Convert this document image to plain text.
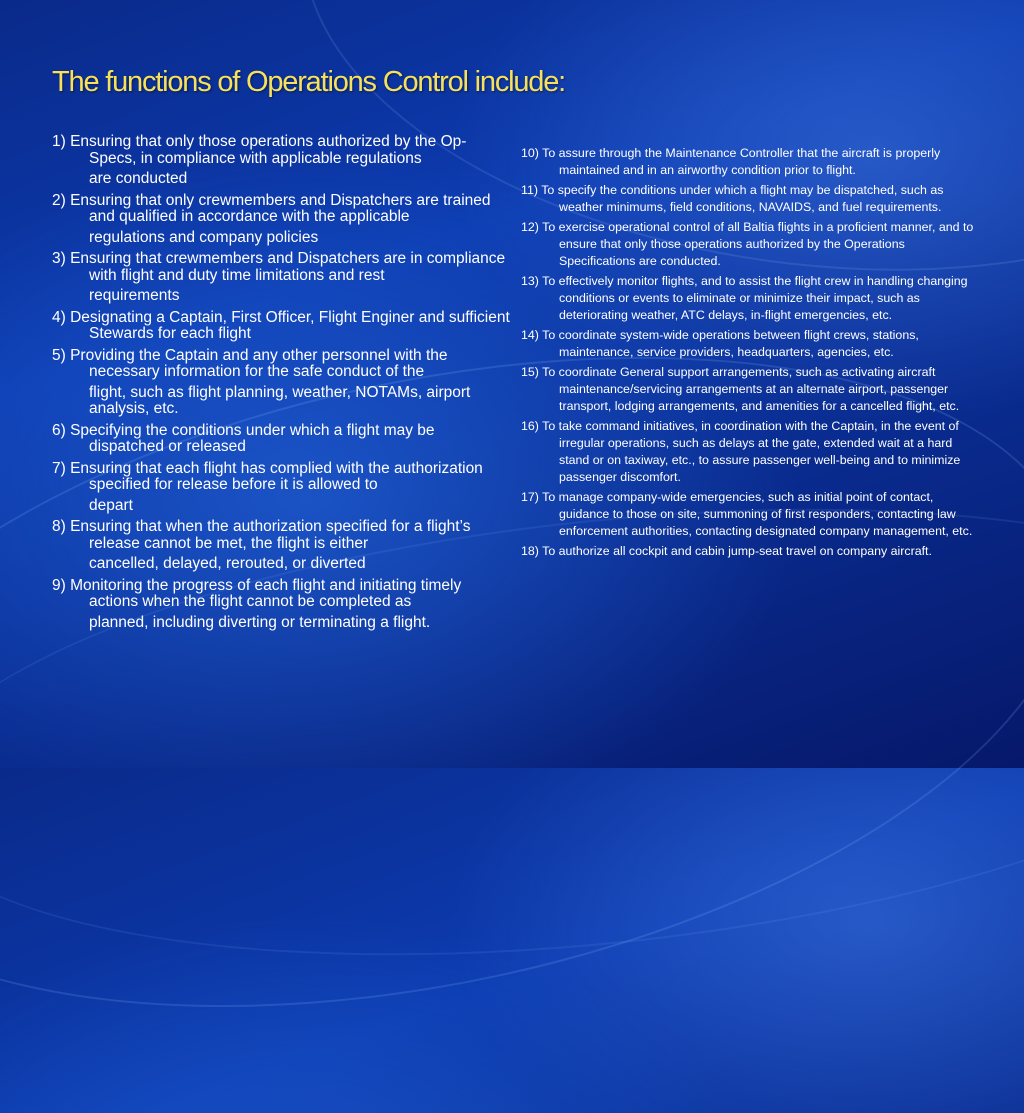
The functions of Operations Control include:
1) Ensuring that only those operations authorized by the Op-Specs, in compliance with applicable regulations
are conducted
2) Ensuring that only crewmembers and Dispatchers are trained and qualified in accordance with the applicable
regulations and company policies
3) Ensuring that crewmembers and Dispatchers are in compliance with flight and duty time limitations and rest
requirements
4) Designating a Captain, First Officer, Flight Enginer and sufficient Stewards for each flight
5) Providing the Captain and any other personnel with the necessary information for the safe conduct of the
flight, such as flight planning, weather, NOTAMs, airport analysis, etc.
6) Specifying the conditions under which a flight may be dispatched or released
7) Ensuring that each flight has complied with the authorization specified for release before it is allowed to
depart
8) Ensuring that when the authorization specified for a flight’s release cannot be met, the flight is either
cancelled, delayed, rerouted, or diverted
9) Monitoring the progress of each flight and initiating timely actions when the flight cannot be completed as
planned, including diverting or terminating a flight.
10) To assure through the Maintenance Controller that the aircraft is properly maintained and in an airworthy condition prior to flight.
11) To specify the conditions under which a flight may be dispatched, such as weather minimums, field conditions, NAVAIDS, and fuel requirements.
12) To exercise operational control of all Baltia flights in a proficient manner, and to ensure that only those operations authorized by the Operations Specifications are conducted.
13) To effectively monitor flights, and to assist the flight crew in handling changing conditions or events to eliminate or minimize their impact, such as deteriorating weather, ATC delays, in-flight emergencies, etc.
14) To coordinate system-wide operations between flight crews, stations, maintenance, service providers, headquarters, agencies, etc.
15) To coordinate General support arrangements, such as activating aircraft maintenance/servicing arrangements at an alternate airport, passenger transport, lodging arrangements, and amenities for a cancelled flight, etc.
16) To take command initiatives, in coordination with the Captain, in the event of irregular operations, such as delays at the gate, extended wait at a hard stand or on taxiway, etc., to assure passenger well-being and to minimize passenger discomfort.
17) To manage company-wide emergencies, such as initial point of contact, guidance to those on site, summoning of first responders, contacting law enforcement authorities, contacting designated company management, etc.
18) To authorize all cockpit and cabin jump-seat travel on company aircraft.
